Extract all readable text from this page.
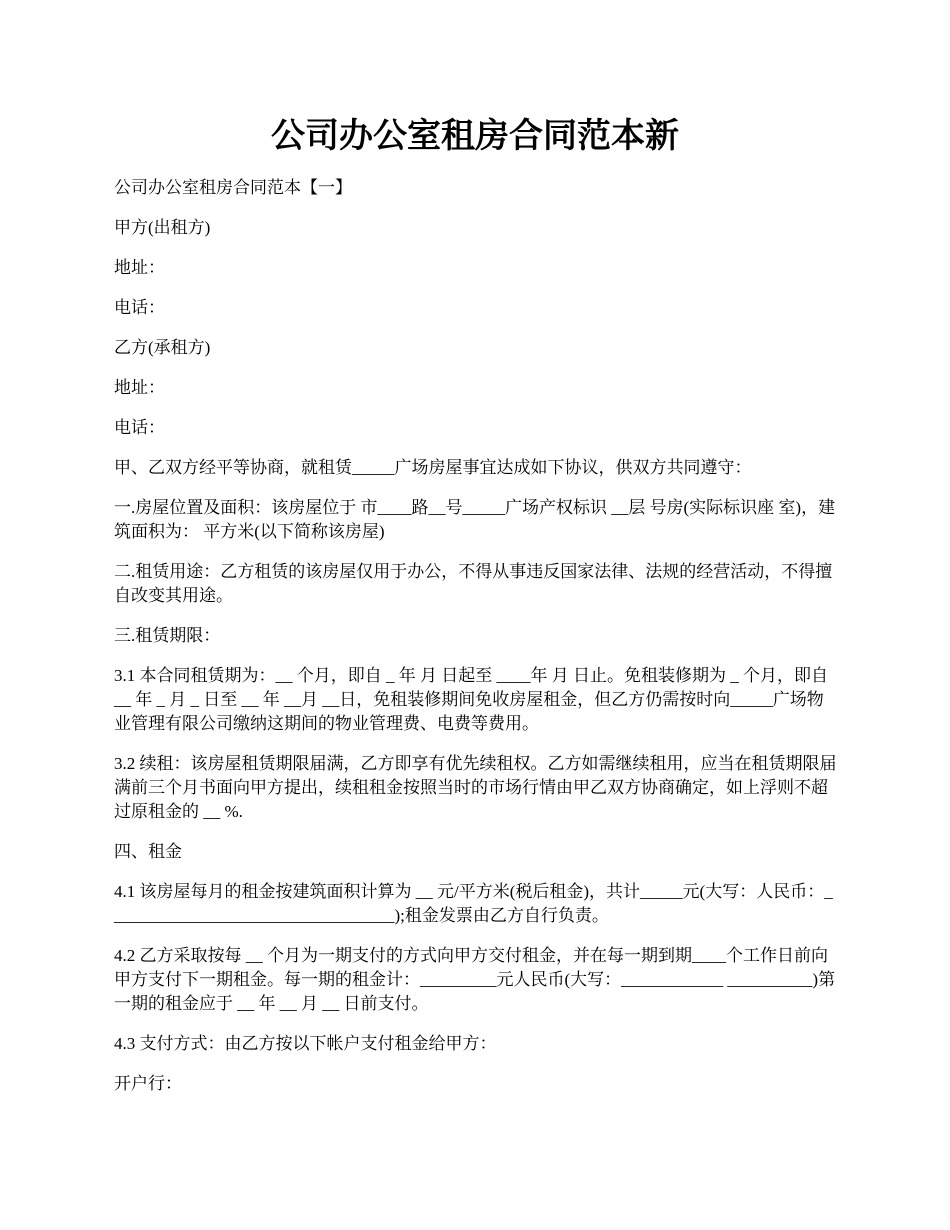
公司办公室租房合同范本新

公司办公室租房合同范本【一】

甲方(出租方)

地址：

电话：

乙方(承租方)

地址：

电话：

甲、乙双方经平等协商，就租赁_____广场房屋事宜达成如下协议，供双方共同遵守：

一.房屋位置及面积：该房屋位于 市____路__号_____广场产权标识 __层 号房(实际标识座 室)，建筑面积为： 平方米(以下简称该房屋)

二.租赁用途：乙方租赁的该房屋仅用于办公，不得从事违反国家法律、法规的经营活动，不得擅自改变其用途。

三.租赁期限：

3.1 本合同租赁期为：__ 个月，即自 _ 年 月 日起至 ____年 月 日止。免租装修期为 _ 个月，即自 __ 年 _ 月 _ 日至 __ 年 __月 __日，免租装修期间免收房屋租金，但乙方仍需按时向_____广场物业管理有限公司缴纳这期间的物业管理费、电费等费用。

3.2 续租：该房屋租赁期限届满，乙方即享有优先续租权。乙方如需继续租用，应当在租赁期限届满前三个月书面向甲方提出，续租租金按照当时的市场行情由甲乙双方协商确定，如上浮则不超过原租金的 __ %.

四、租金

4.1 该房屋每月的租金按建筑面积计算为 __ 元/平方米(税后租金)，共计_____元(大写：人民币：__________________________________);租金发票由乙方自行负责。

4.2 乙方采取按每 __ 个月为一期支付的方式向甲方交付租金，并在每一期到期____个工作日前向甲方支付下一期租金。每一期的租金计：_________元人民币(大写：____________ __________)第一期的租金应于 __ 年 __ 月 __ 日前支付。

4.3 支付方式：由乙方按以下帐户支付租金给甲方：

开户行：
